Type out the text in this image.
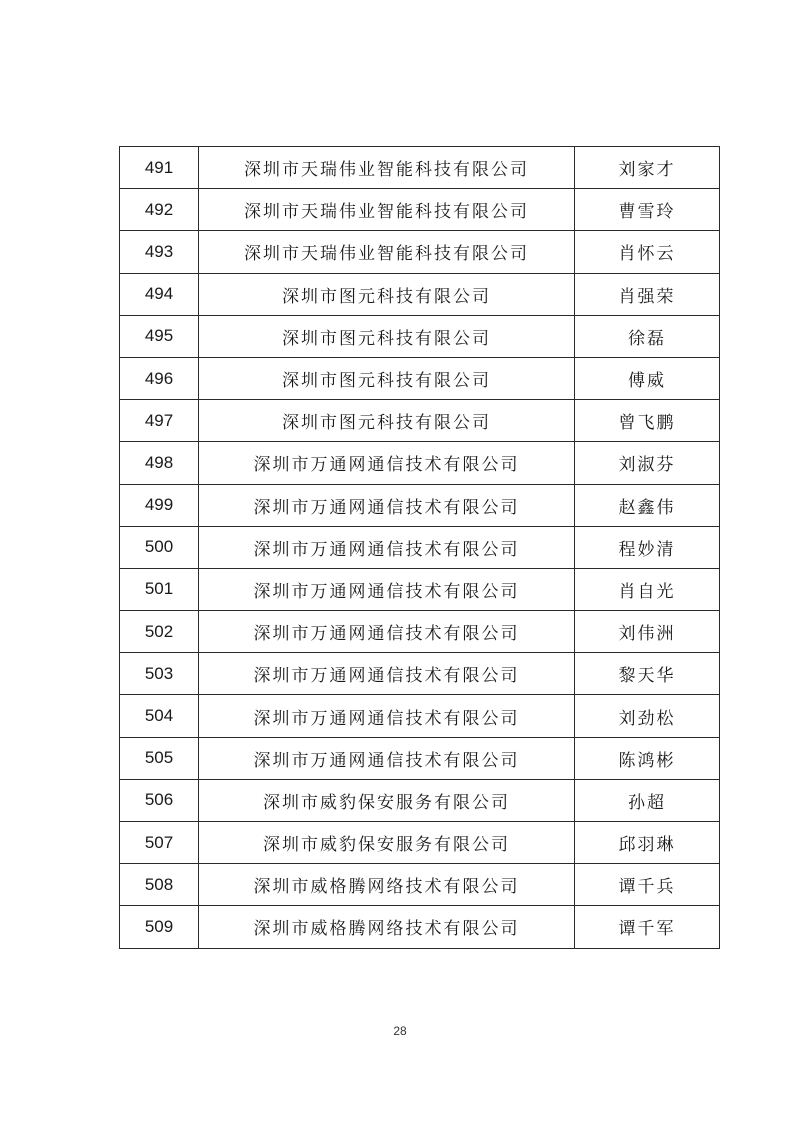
491	深圳市天瑞伟业智能科技有限公司	刘家才
492	深圳市天瑞伟业智能科技有限公司	曹雪玲
493	深圳市天瑞伟业智能科技有限公司	肖怀云
494	深圳市图元科技有限公司	肖强荣
495	深圳市图元科技有限公司	徐磊
496	深圳市图元科技有限公司	傅威
497	深圳市图元科技有限公司	曾飞鹏
498	深圳市万通网通信技术有限公司	刘淑芬
499	深圳市万通网通信技术有限公司	赵鑫伟
500	深圳市万通网通信技术有限公司	程妙清
501	深圳市万通网通信技术有限公司	肖自光
502	深圳市万通网通信技术有限公司	刘伟洲
503	深圳市万通网通信技术有限公司	黎天华
504	深圳市万通网通信技术有限公司	刘劲松
505	深圳市万通网通信技术有限公司	陈鸿彬
506	深圳市威豹保安服务有限公司	孙超
507	深圳市威豹保安服务有限公司	邱羽琳
508	深圳市威格腾网络技术有限公司	谭千兵
509	深圳市威格腾网络技术有限公司	谭千军
28
